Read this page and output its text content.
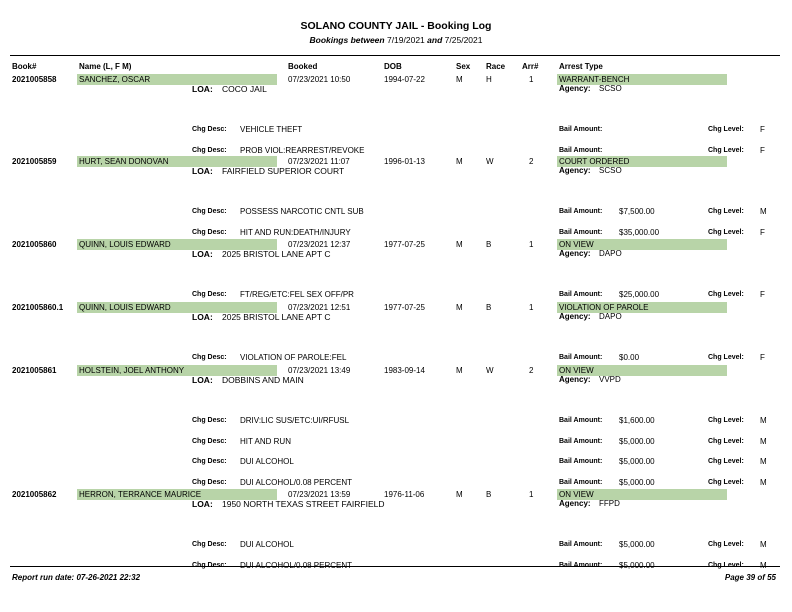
SOLANO COUNTY JAIL - Booking Log
Bookings between 7/19/2021 and 7/25/2021
Book#	Name (L, F M)	Booked	DOB	Sex Race Arr#	Arrest Type
2021005858	SANCHEZ, OSCAR	07/23/2021 10:50	1994-07-22	M	H	1	WARRANT-BENCH
LOA: COCO JAIL	Agency: SCSO
Chg Desc: VEHICLE THEFT	Bail Amount:	Chg Level: F
Chg Desc: PROB VIOL:REARREST/REVOKE	Bail Amount:	Chg Level: F
2021005859	HURT, SEAN DONOVAN	07/23/2021 11:07	1996-01-13	M	W	2	COURT ORDERED
LOA: FAIRFIELD SUPERIOR COURT	Agency: SCSO
Chg Desc: POSSESS NARCOTIC CNTL SUB	Bail Amount: $7,500.00	Chg Level: M
Chg Desc: HIT AND RUN:DEATH/INJURY	Bail Amount: $35,000.00	Chg Level: F
2021005860	QUINN, LOUIS EDWARD	07/23/2021 12:37	1977-07-25	M	B	1	ON VIEW
LOA: 2025 BRISTOL LANE APT C	Agency: DAPO
Chg Desc: FT/REG/ETC:FEL SEX OFF/PR	Bail Amount: $25,000.00	Chg Level: F
2021005860.1 QUINN, LOUIS EDWARD	07/23/2021 12:51	1977-07-25	M	B	1	VIOLATION OF PAROLE
LOA: 2025 BRISTOL LANE APT C	Agency: DAPO
Chg Desc: VIOLATION OF PAROLE:FEL	Bail Amount: $0.00	Chg Level: F
2021005861	HOLSTEIN, JOEL ANTHONY	07/23/2021 13:49	1983-09-14	M	W	2	ON VIEW
LOA: DOBBINS AND MAIN	Agency: VVPD
Chg Desc: DRIV:LIC SUS/ETC:UI/RFUSL	Bail Amount: $1,600.00	Chg Level: M
Chg Desc: HIT AND RUN	Bail Amount: $5,000.00	Chg Level: M
Chg Desc: DUI ALCOHOL	Bail Amount: $5,000.00	Chg Level: M
Chg Desc: DUI ALCOHOL/0.08 PERCENT	Bail Amount: $5,000.00	Chg Level: M
2021005862	HERRON, TERRANCE MAURICE	07/23/2021 13:59	1976-11-06	M	B	1	ON VIEW
LOA: 1950 NORTH TEXAS STREET FAIRFIELD	Agency: FFPD
Chg Desc: DUI ALCOHOL	Bail Amount: $5,000.00	Chg Level: M
Chg Desc: DUI ALCOHOL/0.08 PERCENT	Bail Amount: $5,000.00	Chg Level: M
Report run date: 07-26-2021 22:32	Page 39 of 55
